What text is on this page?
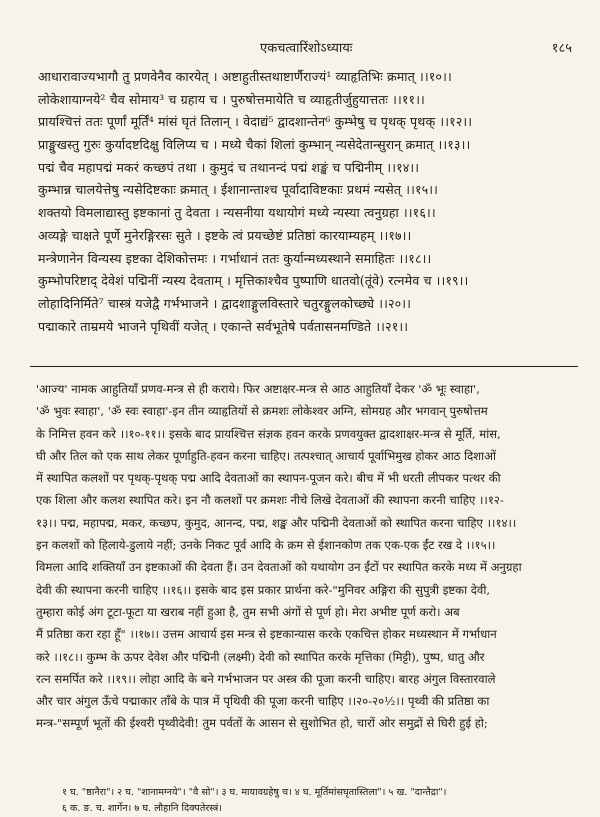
एकचत्वारिंशोऽध्यायः	१८५
आधारावाज्यभागौ तु प्रणवेनैव कारयेत् । अष्टाहुतीस्तथाष्टार्णैराज्यं¹ व्याहृतिभिः क्रमात् ।।१०।।
लोकेशायाग्नये² चैव सोमाय³ च ग्रहाय च । पुरुषोत्तमायेति च व्याहृतीर्जुहुयात्ततः ।।११।।
प्रायश्चित्तं ततः पूर्णां मूर्तिं⁴ मांसं घृतं तिलान् । वेदाद्यं⁵ द्वादशान्तेन⁶ कुम्भेषु च पृथक् पृथक् ।।१२।।
प्राङ्मुखस्तु गुरुः कुर्यादष्टदिक्षु विलिप्य च । मध्ये चैकां शिलां कुम्भान् न्यसेदेतान्सुरान् क्रमात् ।।१३।।
पद्मं चैव महापद्मं मकरं कच्छपं तथा । कुमुदं च तथानन्दं पद्मं शङ्खं च पद्मिनीम् ।।१४।।
कुम्भान्न चालयेत्तेषु न्यसेदिष्टकाः क्रमात् । ईशानान्ताश्च पूर्वादाविष्टकाः प्रथमं न्यसेत् ।।१५।।
शक्तयो विमलाद्यास्तु इष्टकानां तु देवता । न्यसनीया यथायोगं मध्ये न्यस्या त्वनुग्रहा ।।१६।।
अव्यङ्गे चाक्षते पूर्णे मुनेरङ्गिरसः सुते । इष्टके त्वं प्रयच्छेष्टं प्रतिष्ठां कारयाम्यहम् ।।१७।।
मन्त्रेणानेन विन्यस्य इष्टका देशिकोत्तमः । गर्भाधानं ततः कुर्यान्मध्यस्थाने समाहितः ।।१८।।
कुम्भोपरिष्टाद् देवेशं पद्मिनीं न्यस्य देवताम् । मृत्तिकाश्चैव पुष्पाणि धातवो(तूंवे) रत्नमेव च ।।१९।।
लोहादिनिर्मिते⁷ चास्त्रं यजेद्वै गर्भभाजने । द्वादशाङ्गुलविस्तारे चतुरङ्गुलकोच्छ्ये ।।२०।।
पद्माकारे ताम्रमये भाजने पृथिवीं यजेत् । एकान्ते सर्वभूतेषे पर्वतासनमण्डिते ।।२१।।
'आज्य' नामक आहुतियाँ प्रणव-मन्त्र से ही कराये। फिर अष्टाक्षर-मन्त्र से आठ आहुतियाँ देकर 'ॐ भूः स्वाहा',
'ॐ भुवः स्वाहा', 'ॐ स्वः स्वाहा'-इन तीन व्याहृतियों से क्रमशः लोकेश्वर अग्नि, सोमग्रह और भगवान् पुरुषोत्तम
के निमित्त हवन करे ।।१०-११।। इसके बाद प्रायश्चित्त संज्ञक हवन करके प्रणवयुक्त द्वादशाक्षर-मन्त्र से मूर्ति, मांस,
घी और तिल को एक साथ लेकर पूर्णाहुति-हवन करना चाहिए। तत्पश्चात् आचार्य पूर्वाभिमुख होकर आठ दिशाओं
में स्थापित कलशों पर पृथक्-पृथक् पद्म आदि देवताओं का स्थापन-पूजन करे। बीच में भी धरती लीपकर पत्थर की
एक शिला और कलश स्थापित करे। इन नौ कलशों पर क्रमशः नीचे लिखे देवताओं की स्थापना करनी चाहिए ।।१२-
१३।। पद्म, महापद्म, मकर, कच्छप, कुमुद, आनन्द, पद्म, शङ्ख और पद्मिनी देवताओं को स्थापित करना चाहिए ।।१४।।
इन कलशों को हिलाये-डुलाये नहीं; उनके निकट पूर्व आदि के क्रम से ईशानकोण तक एक-एक ईंट रख दे ।।१५।।
विमला आदि शक्तियाँ उन इष्टकाओं की देवता हैं। उन देवताओं को यथायोग उन ईंटों पर स्थापित करके मध्य में अनुग्रहा
देवी की स्थापना करनी चाहिए ।।१६।। इसके बाद इस प्रकार प्रार्थना करे-"मुनिवर अङ्गिरा की सुपुत्री इष्टका देवी,
तुम्हारा कोई अंग टूटा-फूटा या खराब नहीं हुआ है, तुम सभी अंगों से पूर्ण हो। मेरा अभीष्ट पूर्ण करो। अब
मैं प्रतिष्ठा करा रहा हूँ" ।।१७।। उत्तम आचार्य इस मन्त्र से इष्टकान्यास करके एकचित्त होकर मध्यस्थान में गर्भाधान
करे ।।१८।। कुम्भ के ऊपर देवेश और पद्मिनी (लक्ष्मी) देवी को स्थापित करके मृत्तिका (मिट्टी), पुष्प, धातु और
रत्न समर्पित करे ।।१९।। लोहा आदि के बने गर्भभाजन पर अस्त्र की पूजा करनी चाहिए। बारह अंगुल विस्तारवाले
और चार अंगुल ऊँचे पद्माकार ताँबे के पात्र में पृथिवी की पूजा करनी चाहिए ।।२०-२०½।। पृथ्वी की प्रतिष्ठा का
मन्त्र-"सम्पूर्ण भूतों की ईश्वरी पृथ्वीदेवी! तुम पर्वतों के आसन से सुशोभित हो, चारों ओर समुद्रों से घिरी हुई हो;
१ घ. "ष्ठानैरा"। २ घ. "शानामग्नये"। "वै सो"। ३ घ. मायावग्रहेषु च। ४ घ. मूर्तिमांसघृतास्तिला"। ५ ख. "दान्तैद्रा"।
६ क. ङ. च. शार्गेन। ७ घ. लौहानि दिक्पतेरस्त्रं।
